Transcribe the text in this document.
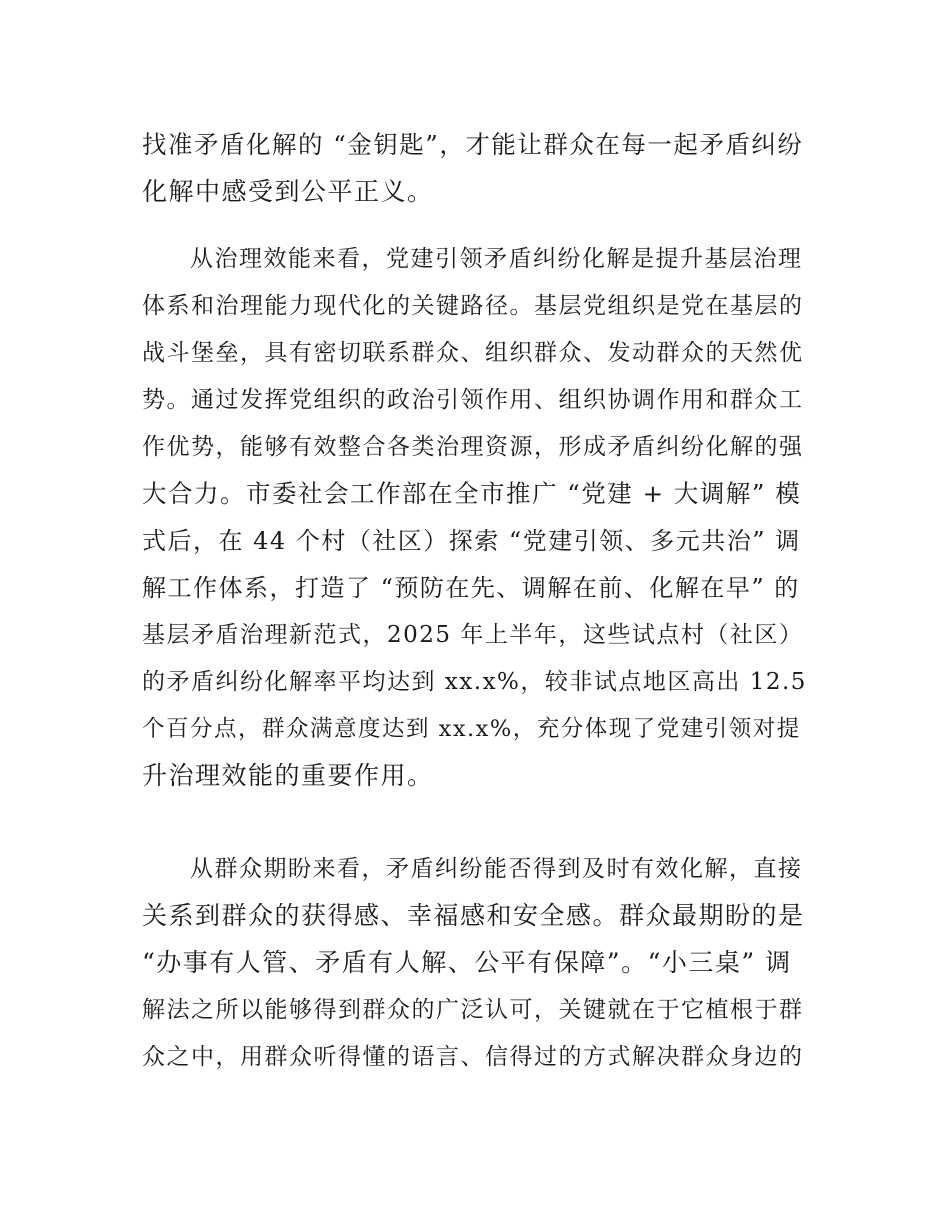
找准矛盾化解的 “金钥匙”，才能让群众在每一起矛盾纠纷
化解中感受到公平正义。
从治理效能来看，党建引领矛盾纠纷化解是提升基层治理
体系和治理能力现代化的关键路径。基层党组织是党在基层的
战斗堡垒，具有密切联系群众、组织群众、发动群众的天然优
势。通过发挥党组织的政治引领作用、组织协调作用和群众工
作优势，能够有效整合各类治理资源，形成矛盾纠纷化解的强
大合力。市委社会工作部在全市推广 “党建 + 大调解” 模
式后，在 44 个村（社区）探索 “党建引领、多元共治” 调
解工作体系，打造了 “预防在先、调解在前、化解在早” 的
基层矛盾治理新范式，2025 年上半年，这些试点村（社区）
的矛盾纠纷化解率平均达到 xx.x%，较非试点地区高出 12.5
个百分点，群众满意度达到 xx.x%，充分体现了党建引领对提
升治理效能的重要作用。
从群众期盼来看，矛盾纠纷能否得到及时有效化解，直接
关系到群众的获得感、幸福感和安全感。群众最期盼的是
“办事有人管、矛盾有人解、公平有保障”。“小三桌” 调
解法之所以能够得到群众的广泛认可，关键就在于它植根于群
众之中，用群众听得懂的语言、信得过的方式解决群众身边的
